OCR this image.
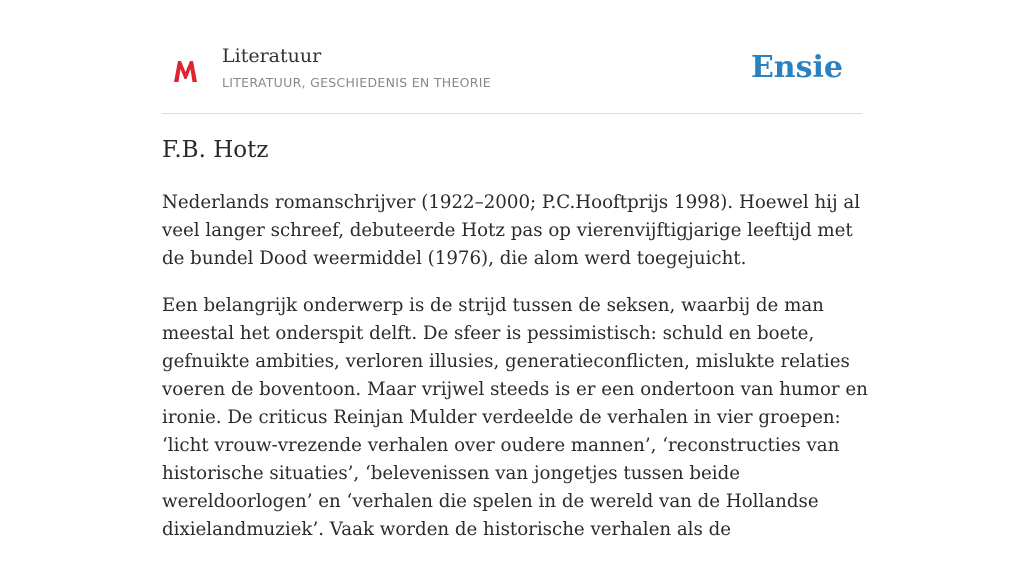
Literatuur
LITERATUUR, GESCHIEDENIS EN THEORIE	Ensie
F.B. Hotz

Nederlands romanschrijver (1922–2000; P.C.Hooftprijs 1998). Hoewel hij al veel langer schreef, debuteerde Hotz pas op vierenvijftigjarige leeftijd met de bundel Dood weermiddel (1976), die alom werd toegejuicht.

Een belangrijk onderwerp is de strijd tussen de seksen, waarbij de man meestal het onderspit delft. De sfeer is pessimistisch: schuld en boete, gefnuikte ambities, verloren illusies, generatieconflicten, mislukte relaties voeren de boventoon. Maar vrijwel steeds is er een ondertoon van humor en ironie. De criticus Reinjan Mulder verdeelde de verhalen in vier groepen: ‘licht vrouw-vrezende verhalen over oudere mannen’, ‘reconstructies van historische situaties’, ‘belevenissen van jongetjes tussen beide wereldoorlogen’ en ‘verhalen die spelen in de wereld van de Hollandse dixielandmuziek’. Vaak worden de historische verhalen als de
